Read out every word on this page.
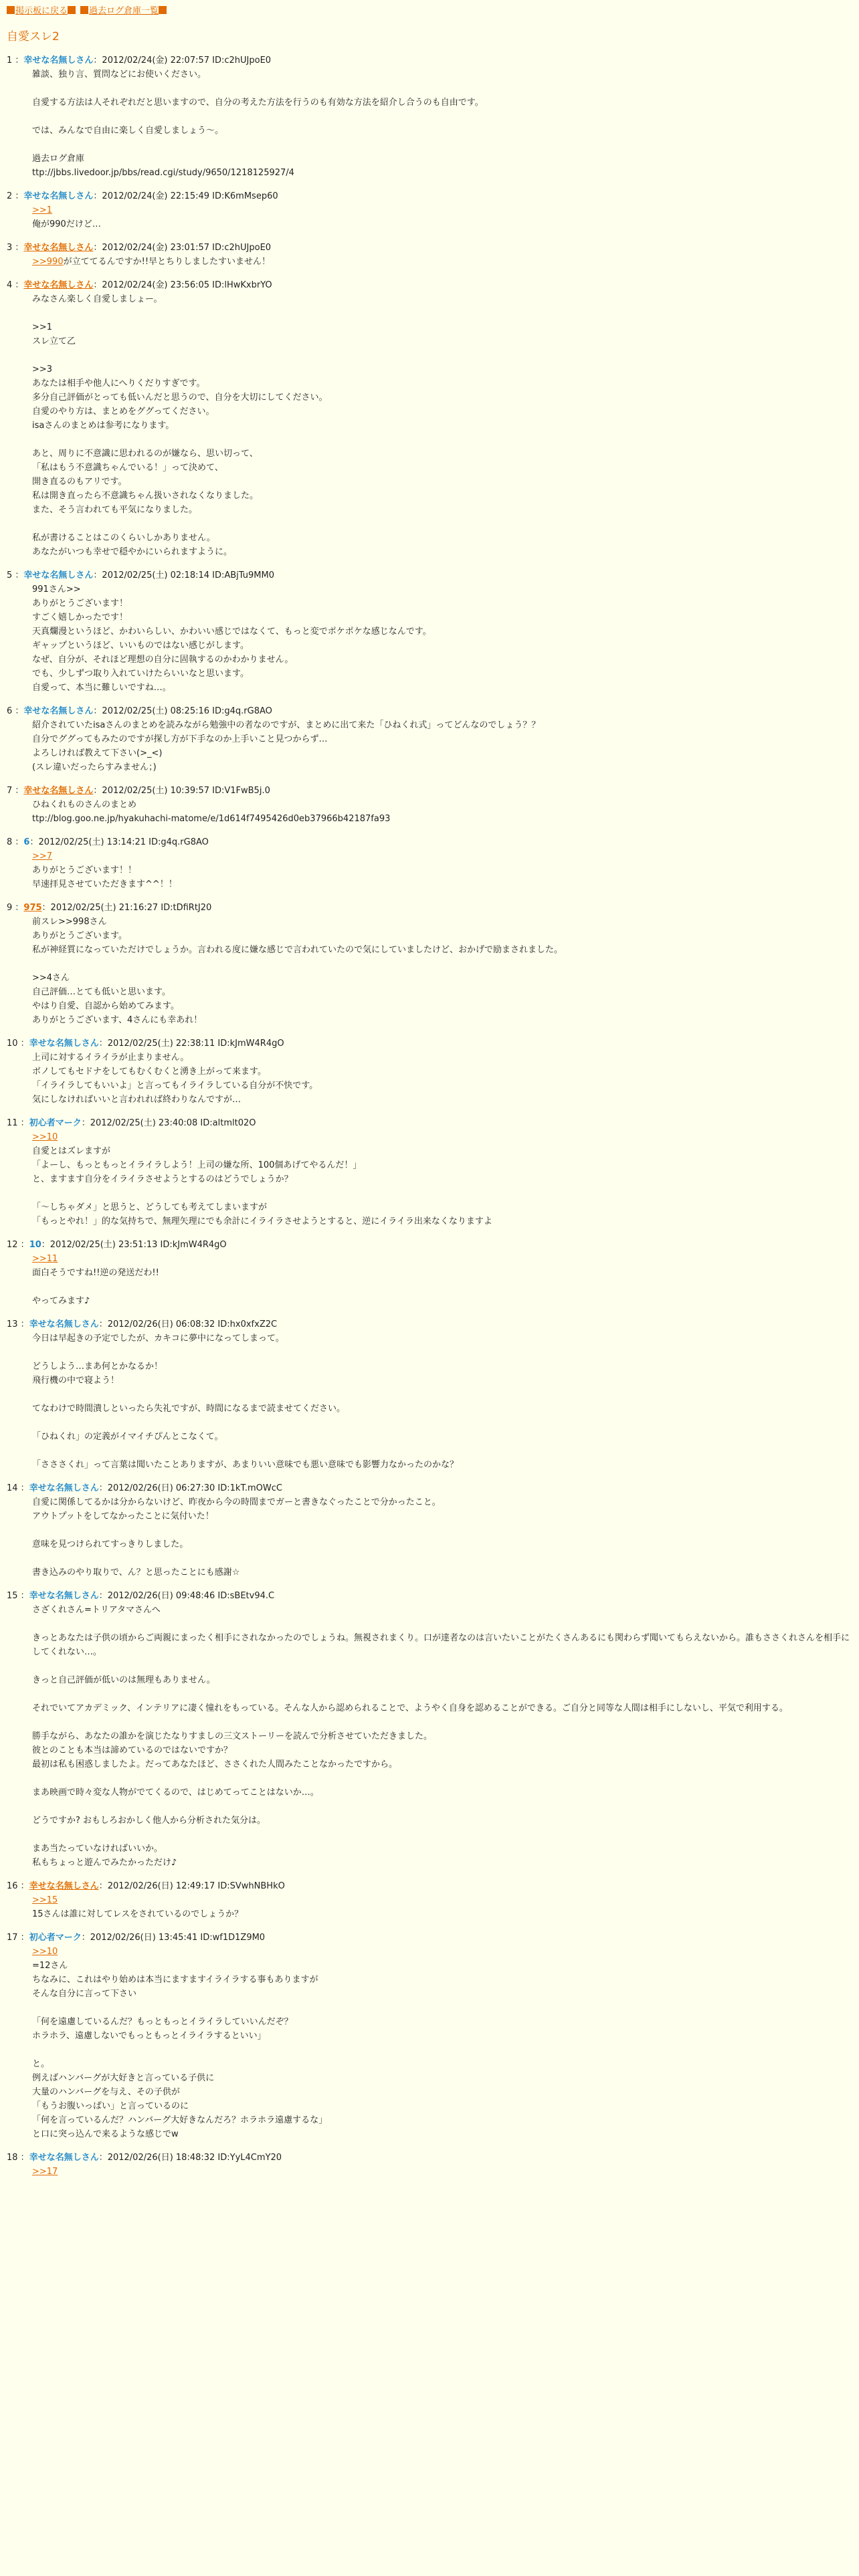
掲示板に戻る 過去ログ倉庫一覧
自愛スレ2
1 ：幸せな名無しさん：2012/02/24(金) 22:07:57 ID:c2hUJpoE0
雑談、独り言、質問などにお使いください。

自愛する方法は人それぞれだと思いますので、自分の考えた方法を行うのも有効な方法を紹介し合うのも自由です。

では、みんなで自由に楽しく自愛しましょう〜。

過去ログ倉庫
ttp://jbbs.livedoor.jp/bbs/read.cgi/study/9650/1218125927/4
2 ：幸せな名無しさん：2012/02/24(金) 22:15:49 ID:K6mMsep60
>>1
俺が990だけど…
3 ：幸せな名無しさん：2012/02/24(金) 23:01:57 ID:c2hUJpoE0
>>990が立ててるんですか!!早とちりしましたすいません！
4 ：幸せな名無しさん：2012/02/24(金) 23:56:05 ID:lHwKxbrYO
みなさん楽しく自愛しましょー。

>>1
スレ立て乙

>>3
あなたは相手や他人にへりくだりすぎです。
多分自己評価がとっても低いんだと思うので、自分を大切にしてください。
自愛のやり方は、まとめをググってください。
isaさんのまとめは参考になります。

あと、周りに不意識に思われるのが嫌なら、思い切って、
「私はもう不意識ちゃんでいる！」って決めて、
開き直るのもアリです。
私は開き直ったら不意識ちゃん扱いされなくなりました。
また、そう言われても平気になりました。

私が書けることはこのくらいしかありません。
あなたがいつも幸せで穏やかにいられますように。
5 ：幸せな名無しさん：2012/02/25(土) 02:18:14 ID:ABjTu9MM0
991さん>>
ありがとうございます！
すごく嬉しかったです！
天真爛漫というほど、かわいらしい、かわいい感じではなくて、もっと変でポケポケな感じなんです。
ギャップというほど、いいものではない感じがします。
なぜ、自分が、それほど理想の自分に固執するのかわかりません。
でも、少しずつ取り入れていけたらいいなと思います。
自愛って、本当に難しいですね…。
6 ：幸せな名無しさん：2012/02/25(土) 08:25:16 ID:g4q.rG8AO
紹介されていたisaさんのまとめを読みながら勉強中の者なのですが、まとめに出て来た「ひねくれ式」ってどんなのでしょう？？
自分でググってもみたのですが探し方が下手なのか上手いこと見つからず…
よろしければ教えて下さい(>_<)
(スレ違いだったらすみません；)
7 ：幸せな名無しさん：2012/02/25(土) 10:39:57 ID:V1FwB5j.0
ひねくれものさんのまとめ
ttp://blog.goo.ne.jp/hyakuhachi-matome/e/1d614f7495426d0eb37966b42187fa93
8 ：6：2012/02/25(土) 13:14:21 ID:g4q.rG8AO
>>7
ありがとうございます！！
早速拝見させていただきます^^！！
9 ：975：2012/02/25(土) 21:16:27 ID:tDfiRtJ20
前スレ>>998さん
ありがとうございます。
私が神経質になっていただけでしょうか。言われる度に嫌な感じで言われていたので気にしていましたけど、おかげで励まされました。

>>4さん
自己評価…とても低いと思います。
やはり自愛、自認から始めてみます。
ありがとうございます、4さんにも幸あれ！
10 ：幸せな名無しさん：2012/02/25(土) 22:38:11 ID:kJmW4R4gO
上司に対するイライラが止まりません。
ボノしてもセドナをしてもむくむくと湧き上がって来ます。
「イライラしてもいいよ」と言ってもイライラしている自分が不快です。
気にしなければいいと言われれば終わりなんですが…
11 ：初心者マーク：2012/02/25(土) 23:40:08 ID:altmlt02O
>>10
自愛とはズレますが
「よーし、もっともっとイライラしよう！上司の嫌な所、100個あげてやるんだ！」
と、ますます自分をイライラさせようとするのはどうでしょうか？

「〜しちゃダメ」と思うと、どうしても考えてしまいますが
「もっとやれ！」的な気持ちで、無理矢理にでも余計にイライラさせようとすると、逆にイライラ出来なくなりますよ
12 ：10：2012/02/25(土) 23:51:13 ID:kJmW4R4gO
>>11
面白そうですね!!逆の発送だわ!!

やってみます♪
13 ：幸せな名無しさん：2012/02/26(日) 06:08:32 ID:hx0xfxZ2C
今日は早起きの予定でしたが、カキコに夢中になってしまって。

どうしよう…まあ何とかなるか！
飛行機の中で寝よう！

てなわけで時間潰しといったら失礼ですが、時間になるまで読ませてください。

「ひねくれ」の定義がイマイチぴんとこなくて。

「さささくれ」って言葉は聞いたことありますが、あまりいい意味でも悪い意味でも影響力なかったのかな？
14 ：幸せな名無しさん：2012/02/26(日) 06:27:30 ID:1kT.mOWcC
自愛に関係してるかは分からないけど、昨夜から今の時間までガーと書きなぐったことで分かったこと。
アウトプットをしてなかったことに気付いた！

意味を見つけられてすっきりしました。

書き込みのやり取りで、ん？と思ったことにも感謝☆
15 ：幸せな名無しさん：2012/02/26(日) 09:48:46 ID:sBEtv94.C
さざくれさん=トリアタマさんへ

きっとあなたは子供の頃からご両親にまったく相手にされなかったのでしょうね。無視されまくり。口が達者なのは言いたいことがたくさんあるにも関わらず聞いてもらえないから。誰もささくれさんを相手にしてくれない…。

きっと自己評価が低いのは無理もありません。

それでいてアカデミック、インテリアに凄く憧れをもっている。そんな人から認められることで、ようやく自身を認めることができる。ご自分と同等な人間は相手にしないし、平気で利用する。

勝手ながら、あなたの誰かを演じたなりすましの三文ストーリーを読んで分析させていただきました。
彼とのことも本当は諦めているのではないですか？
最初は私も困惑しましたよ。だってあなたほど、ささくれた人間みたことなかったですから。

まあ映画で時々変な人物がでてくるので、はじめてってことはないか…。

どうですか? おもしろおかしく他人から分析された気分は。

まあ当たっていなければいいか。
私もちょっと遊んでみたかっただけ♪
16 ：幸せな名無しさん：2012/02/26(日) 12:49:17 ID:SVwhNBHkO
>>15
15さんは誰に対してレスをされているのでしょうか？
17 ：初心者マーク：2012/02/26(日) 13:45:41 ID:wf1D1Z9M0
>>10
=12さん
ちなみに、これはやり始めは本当にますますイライラする事もありますが
そんな自分に言って下さい

「何を遠慮しているんだ？もっともっとイライラしていいんだぞ？
ホラホラ、遠慮しないでもっともっとイライラするといい」

と。
例えばハンバーグが大好きと言っている子供に
大量のハンバーグを与え、その子供が
「もうお腹いっぱい」と言っているのに
「何を言っているんだ？ハンバーグ大好きなんだろ？ホラホラ遠慮するな」
と口に突っ込んで来るような感じでw
18 ：幸せな名無しさん：2012/02/26(日) 18:48:32 ID:YyL4CmY20
>>17
